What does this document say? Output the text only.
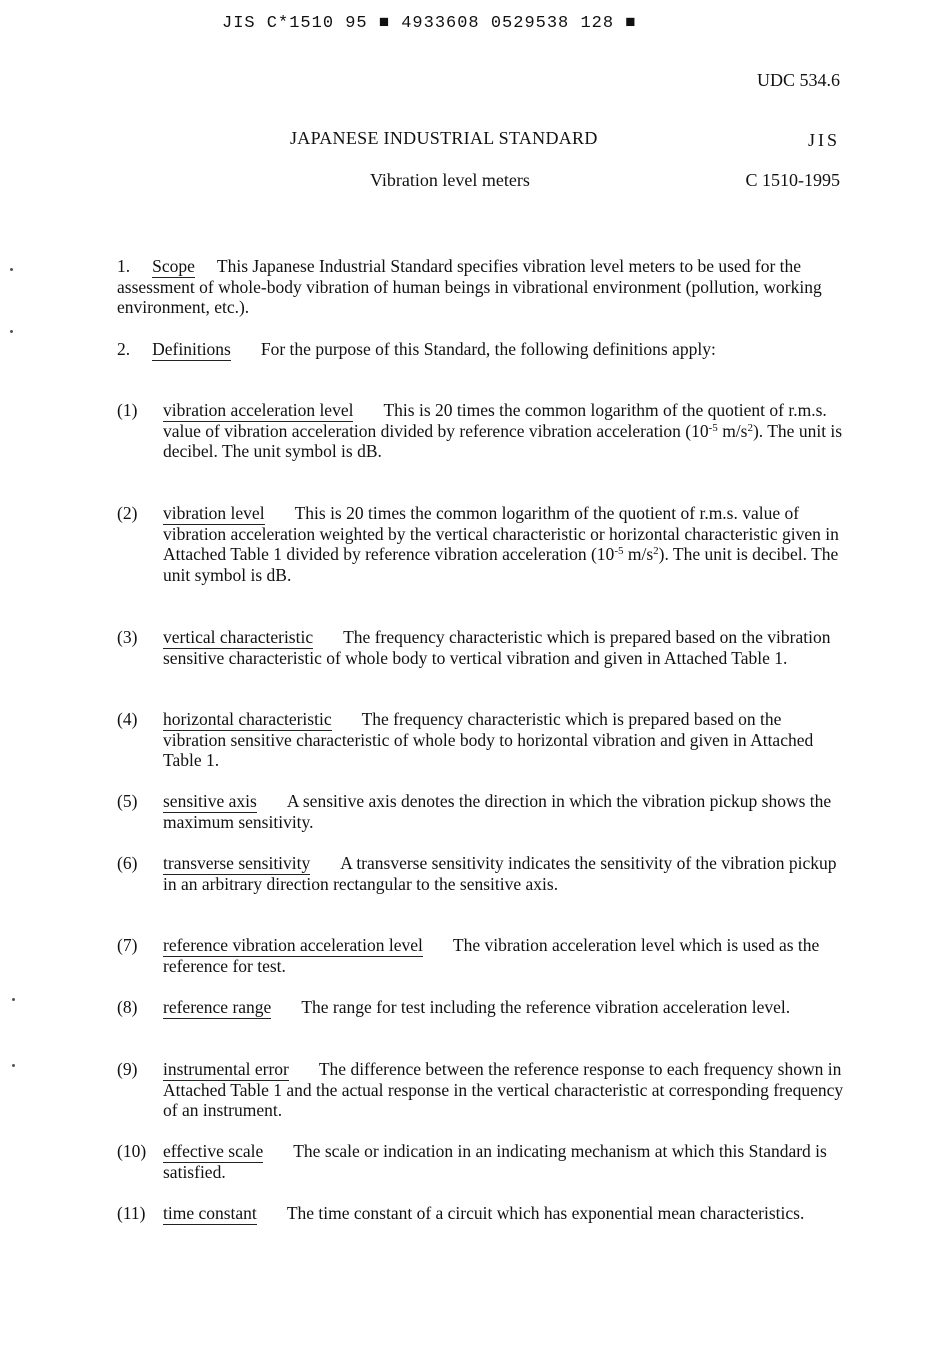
JIS C*1510 95 ■ 4933608 0529538 128 ■
UDC 534.6
JAPANESE INDUSTRIAL STANDARD	JIS
Vibration level meters	C 1510-1995
1. Scope This Japanese Industrial Standard specifies vibration level meters to be used for the assessment of whole-body vibration of human beings in vibrational environment (pollution, working environment, etc.).
2. Definitions For the purpose of this Standard, the following definitions apply:
(1) vibration acceleration level This is 20 times the common logarithm of the quotient of r.m.s. value of vibration acceleration divided by reference vibration acceleration ($10^{-5}$ $m/s^2$). The unit is decibel. The unit symbol is dB.
(2) vibration level This is 20 times the common logarithm of the quotient of r.m.s. value of vibration acceleration weighted by the vertical characteristic or horizontal characteristic given in Attached Table 1 divided by reference vibration acceleration ($10^{-5}$ $m/s^2$). The unit is decibel. The unit symbol is dB.
(3) vertical characteristic The frequency characteristic which is prepared based on the vibration sensitive characteristic of whole body to vertical vibration and given in Attached Table 1.
(4) horizontal characteristic The frequency characteristic which is prepared based on the vibration sensitive characteristic of whole body to horizontal vibration and given in Attached Table 1.
(5) sensitive axis A sensitive axis denotes the direction in which the vibration pickup shows the maximum sensitivity.
(6) transverse sensitivity A transverse sensitivity indicates the sensitivity of the vibration pickup in an arbitrary direction rectangular to the sensitive axis.
(7) reference vibration acceleration level The vibration acceleration level which is used as the reference for test.
(8) reference range The range for test including the reference vibration acceleration level.
(9) instrumental error The difference between the reference response to each frequency shown in Attached Table 1 and the actual response in the vertical characteristic at corresponding frequency of an instrument.
(10) effective scale The scale or indication in an indicating mechanism at which this Standard is satisfied.
(11) time constant The time constant of a circuit which has exponential mean characteristics.
